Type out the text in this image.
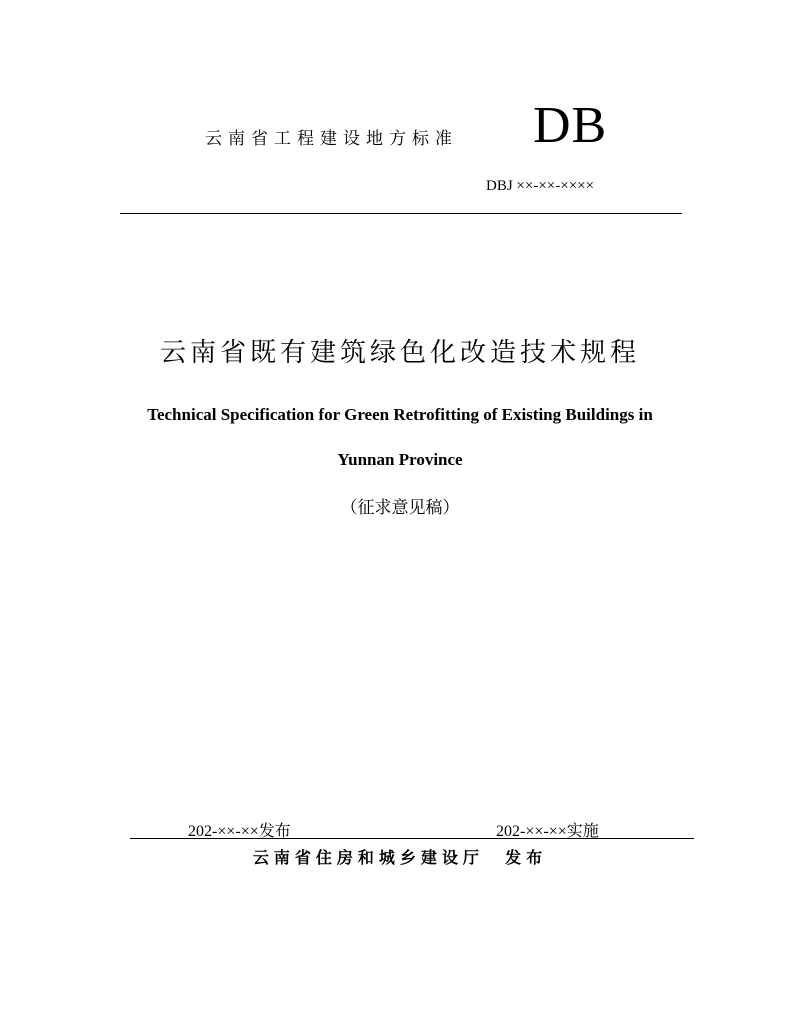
云南省工程建设地方标准 DB
DBJ ××-××-××××
云南省既有建筑绿色化改造技术规程
Technical Specification for Green Retrofitting of Existing Buildings in
Yunnan Province
（征求意见稿）
202-××-××发布	202-××-××实施
云南省住房和城乡建设厅  发布
